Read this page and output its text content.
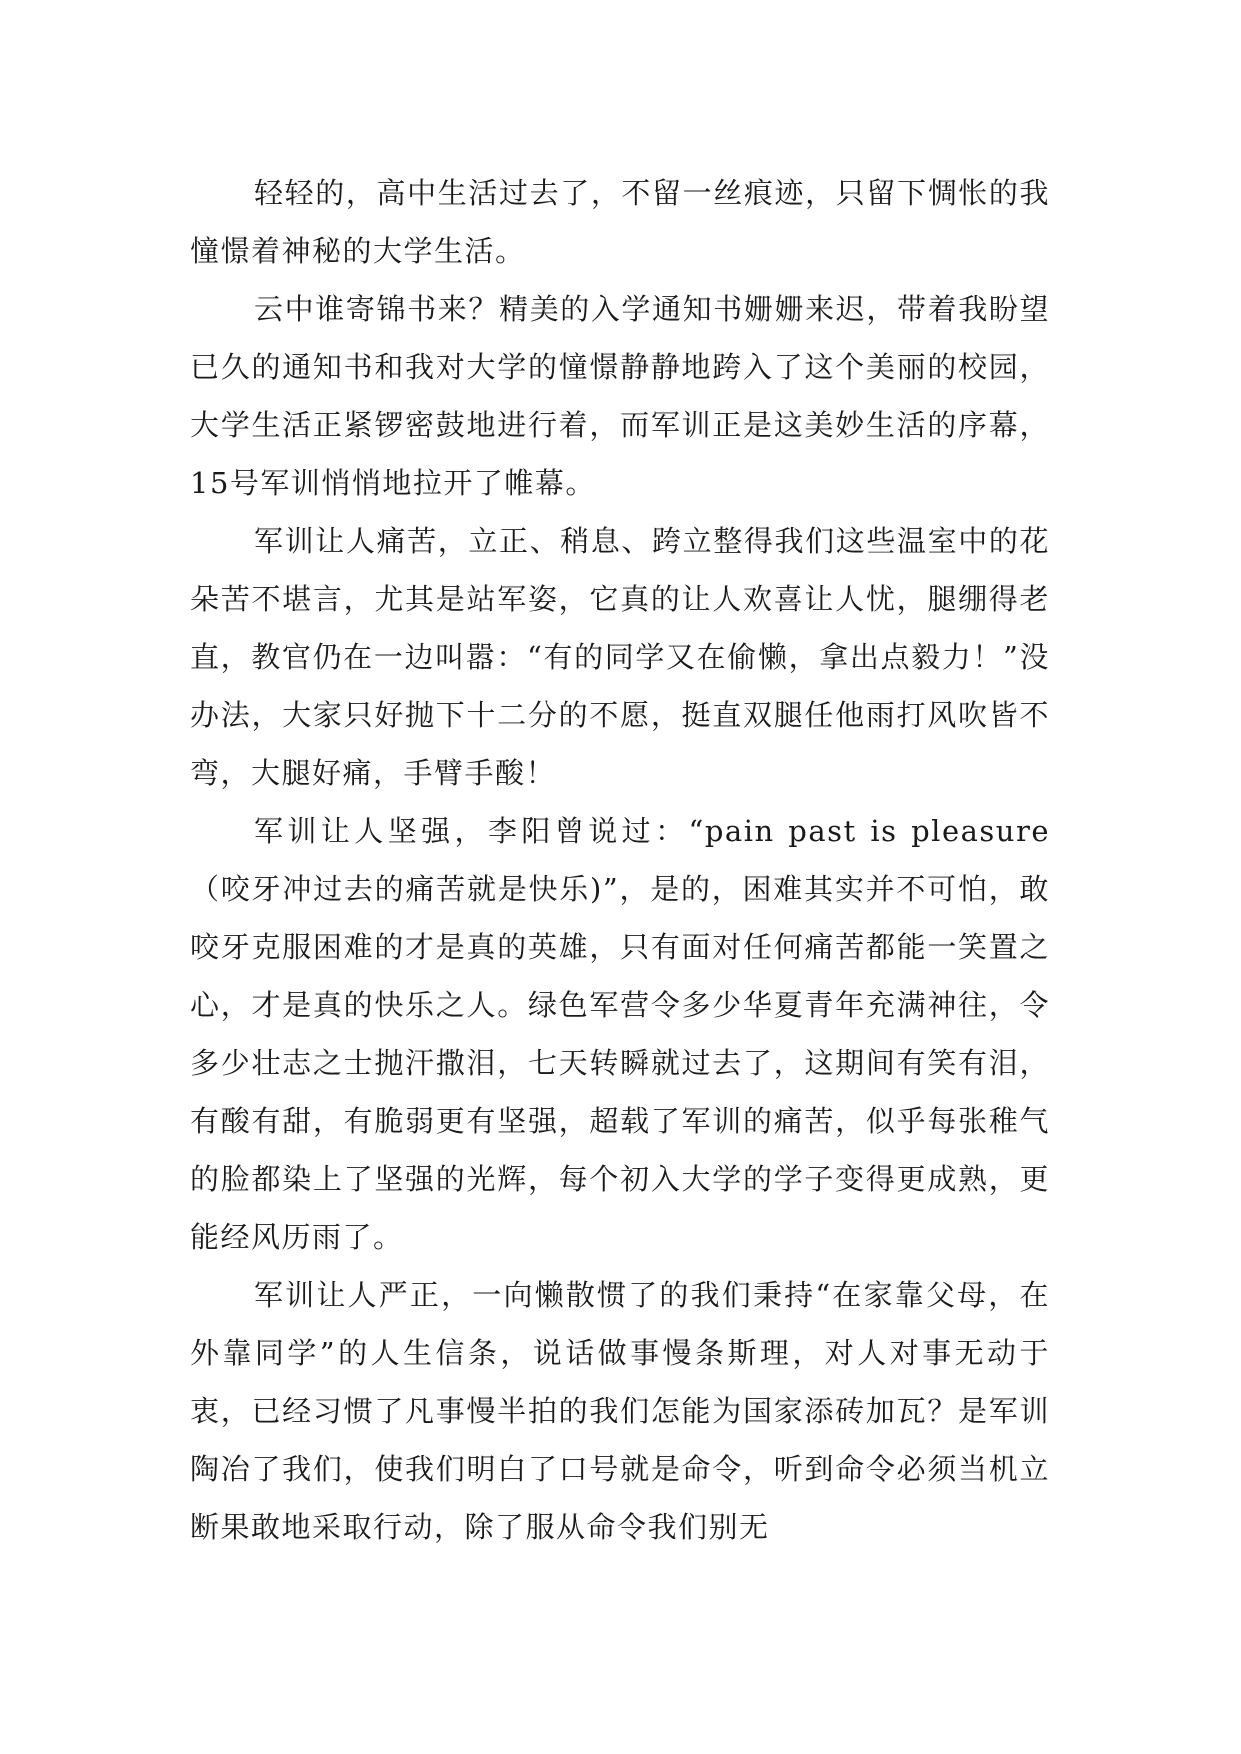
轻轻的，高中生活过去了，不留一丝痕迹，只留下惆怅的我憧憬着神秘的大学生活。

云中谁寄锦书来？精美的入学通知书姗姗来迟，带着我盼望已久的通知书和我对大学的憧憬静静地跨入了这个美丽的校园，大学生活正紧锣密鼓地进行着，而军训正是这美妙生活的序幕，15号军训悄悄地拉开了帷幕。

军训让人痛苦，立正、稍息、跨立整得我们这些温室中的花朵苦不堪言，尤其是站军姿，它真的让人欢喜让人忧，腿绷得老直，教官仍在一边叫嚣：“有的同学又在偷懒，拿出点毅力！”没办法，大家只好抛下十二分的不愿，挺直双腿任他雨打风吹皆不弯，大腿好痛，手臂手酸！

军训让人坚强，李阳曾说过：“pain past is pleasure（咬牙冲过去的痛苦就是快乐)”，是的，困难其实并不可怕，敢咬牙克服困难的才是真的英雄，只有面对任何痛苦都能一笑置之心，才是真的快乐之人。绿色军营令多少华夏青年充满神往，令多少壮志之士抛汗撒泪，七天转瞬就过去了，这期间有笑有泪，有酸有甜，有脆弱更有坚强，超载了军训的痛苦，似乎每张稚气的脸都染上了坚强的光辉，每个初入大学的学子变得更成熟，更能经风历雨了。

军训让人严正，一向懒散惯了的我们秉持“在家靠父母，在外靠同学”的人生信条，说话做事慢条斯理，对人对事无动于衷，已经习惯了凡事慢半拍的我们怎能为国家添砖加瓦？是军训陶冶了我们，使我们明白了口号就是命令，听到命令必须当机立断果敢地采取行动，除了服从命令我们别无
